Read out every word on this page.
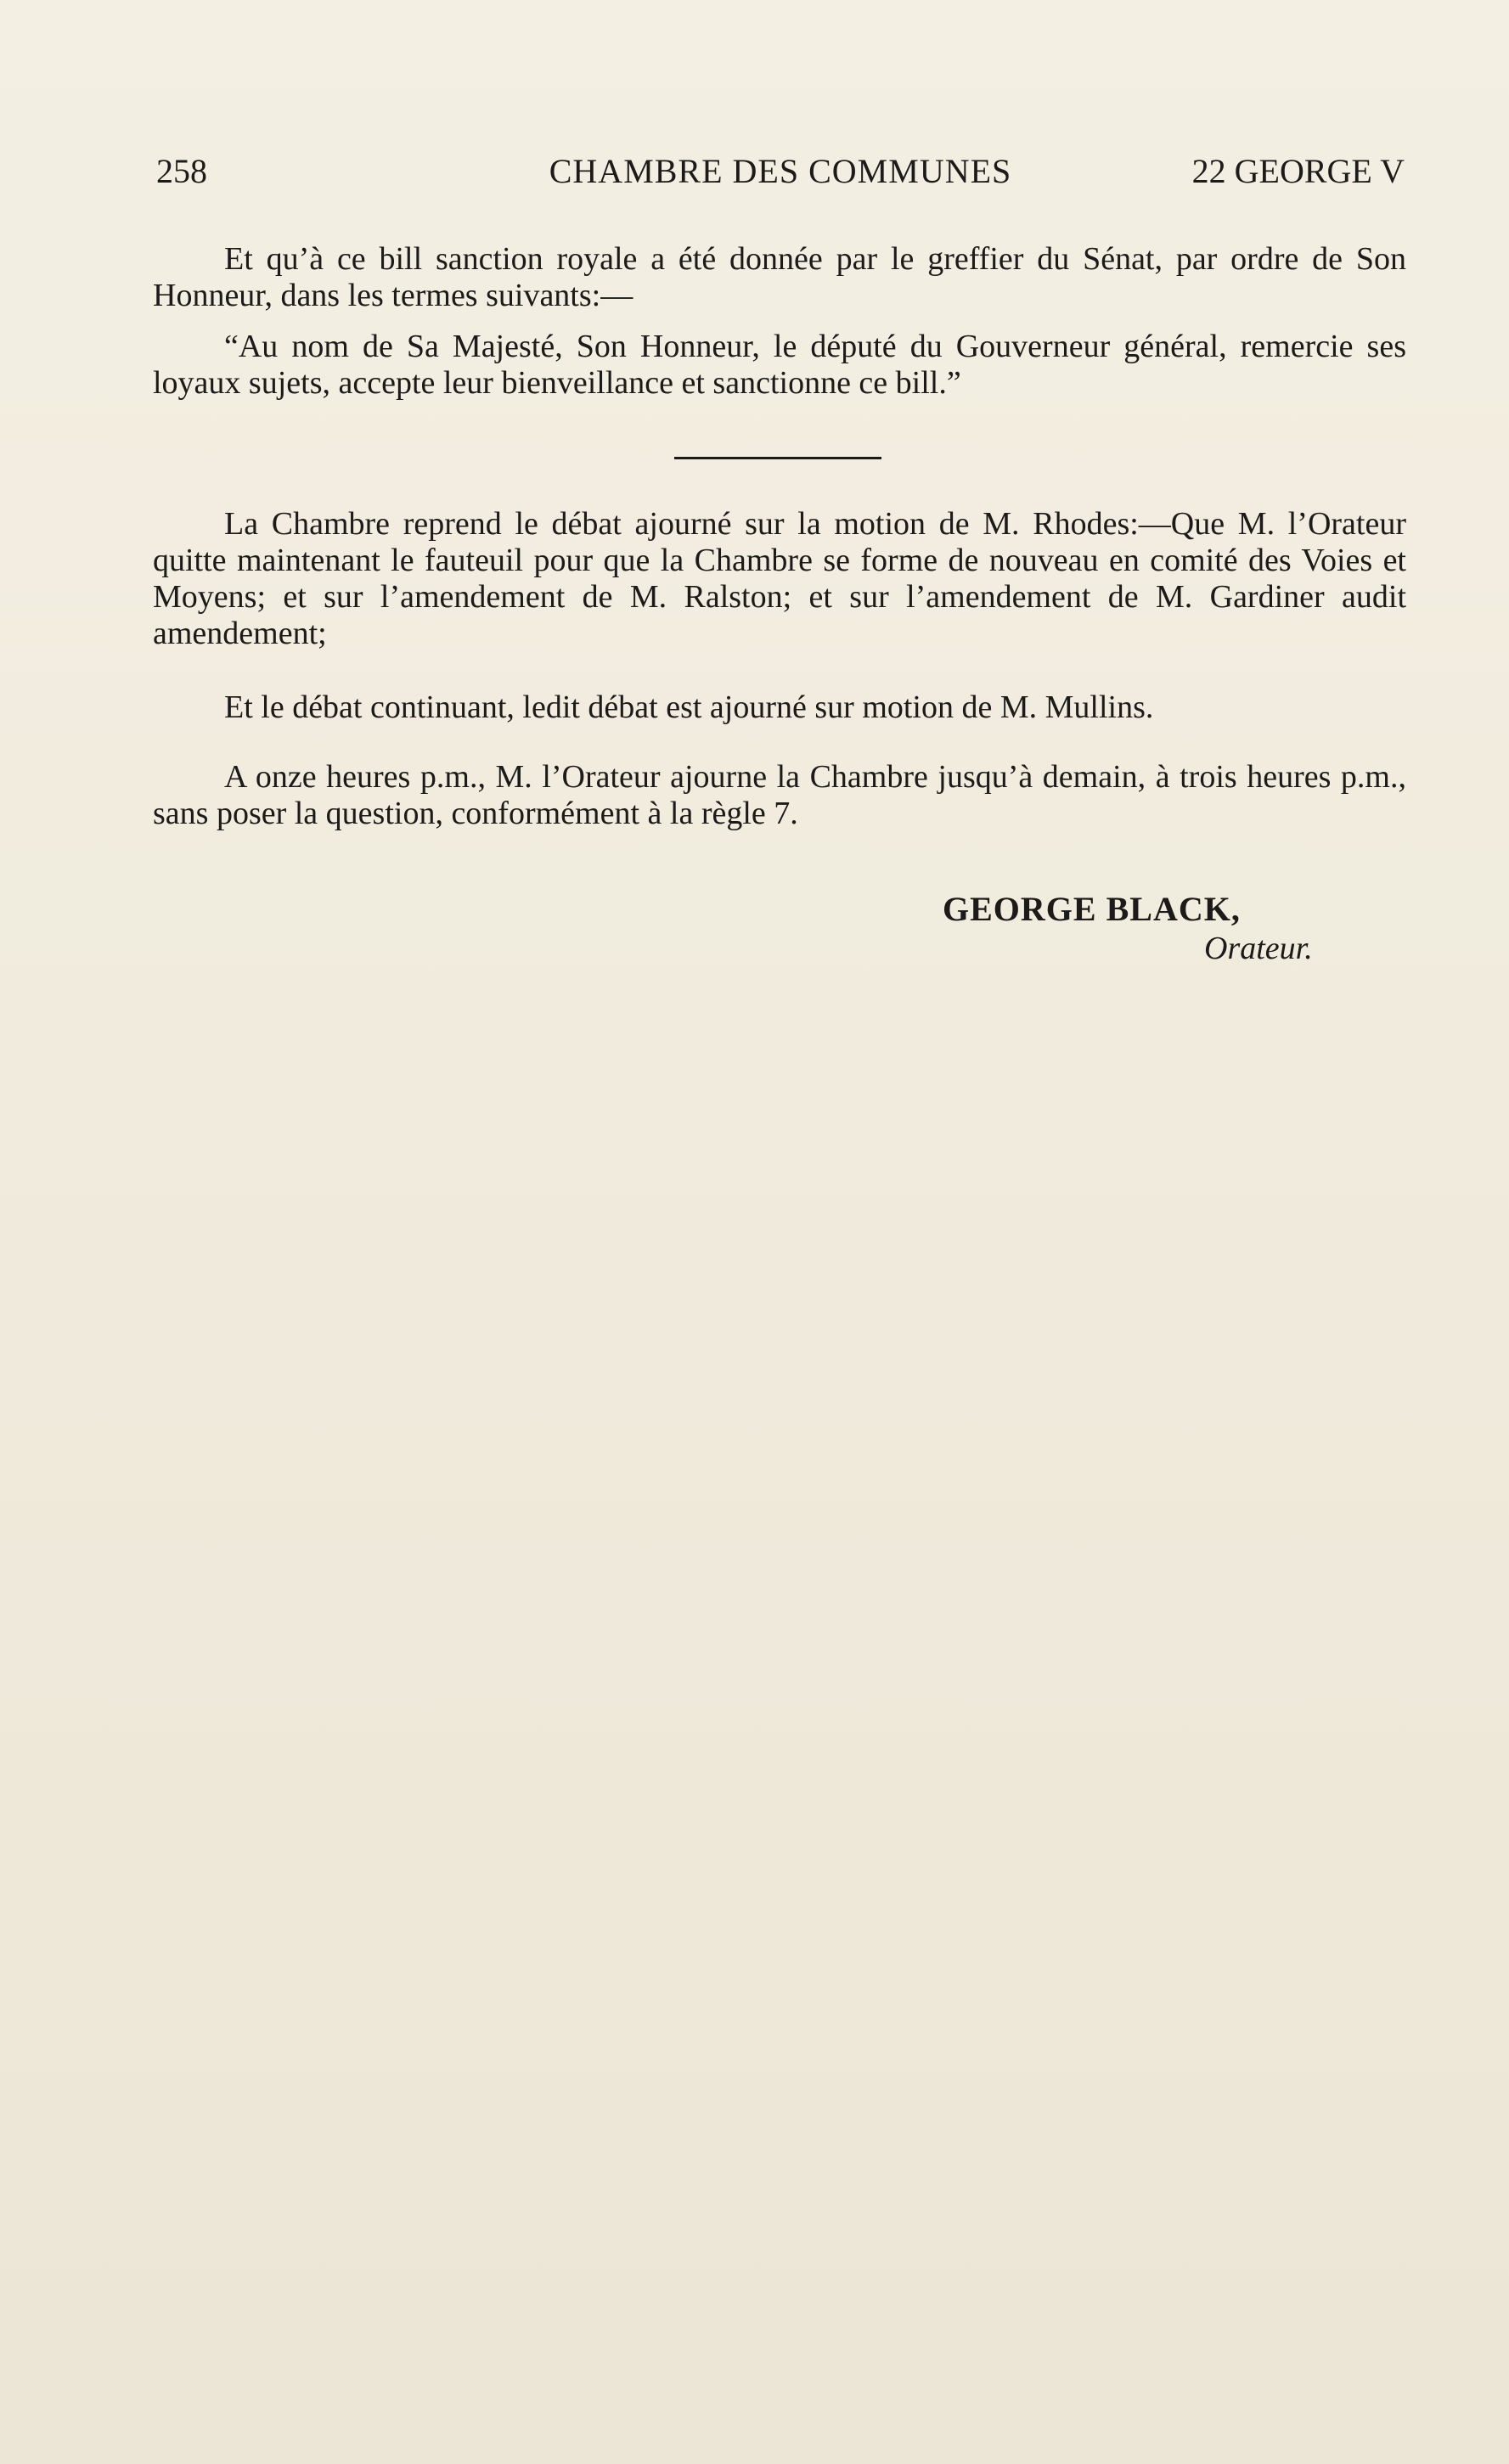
258	CHAMBRE DES COMMUNES	22 GEORGE V

Et qu’à ce bill sanction royale a été donnée par le greffier du Sénat, par ordre de Son Honneur, dans les termes suivants:—

“Au nom de Sa Majesté, Son Honneur, le député du Gouverneur général, remercie ses loyaux sujets, accepte leur bienveillance et sanctionne ce bill.”

La Chambre reprend le débat ajourné sur la motion de M. Rhodes:—Que M. l’Orateur quitte maintenant le fauteuil pour que la Chambre se forme de nouveau en comité des Voies et Moyens; et sur l’amendement de M. Ralston; et sur l’amendement de M. Gardiner audit amendement;

Et le débat continuant, ledit débat est ajourné sur motion de M. Mullins.

A onze heures p.m., M. l’Orateur ajourne la Chambre jusqu’à demain, à trois heures p.m., sans poser la question, conformément à la règle 7.

GEORGE BLACK,
Orateur.
